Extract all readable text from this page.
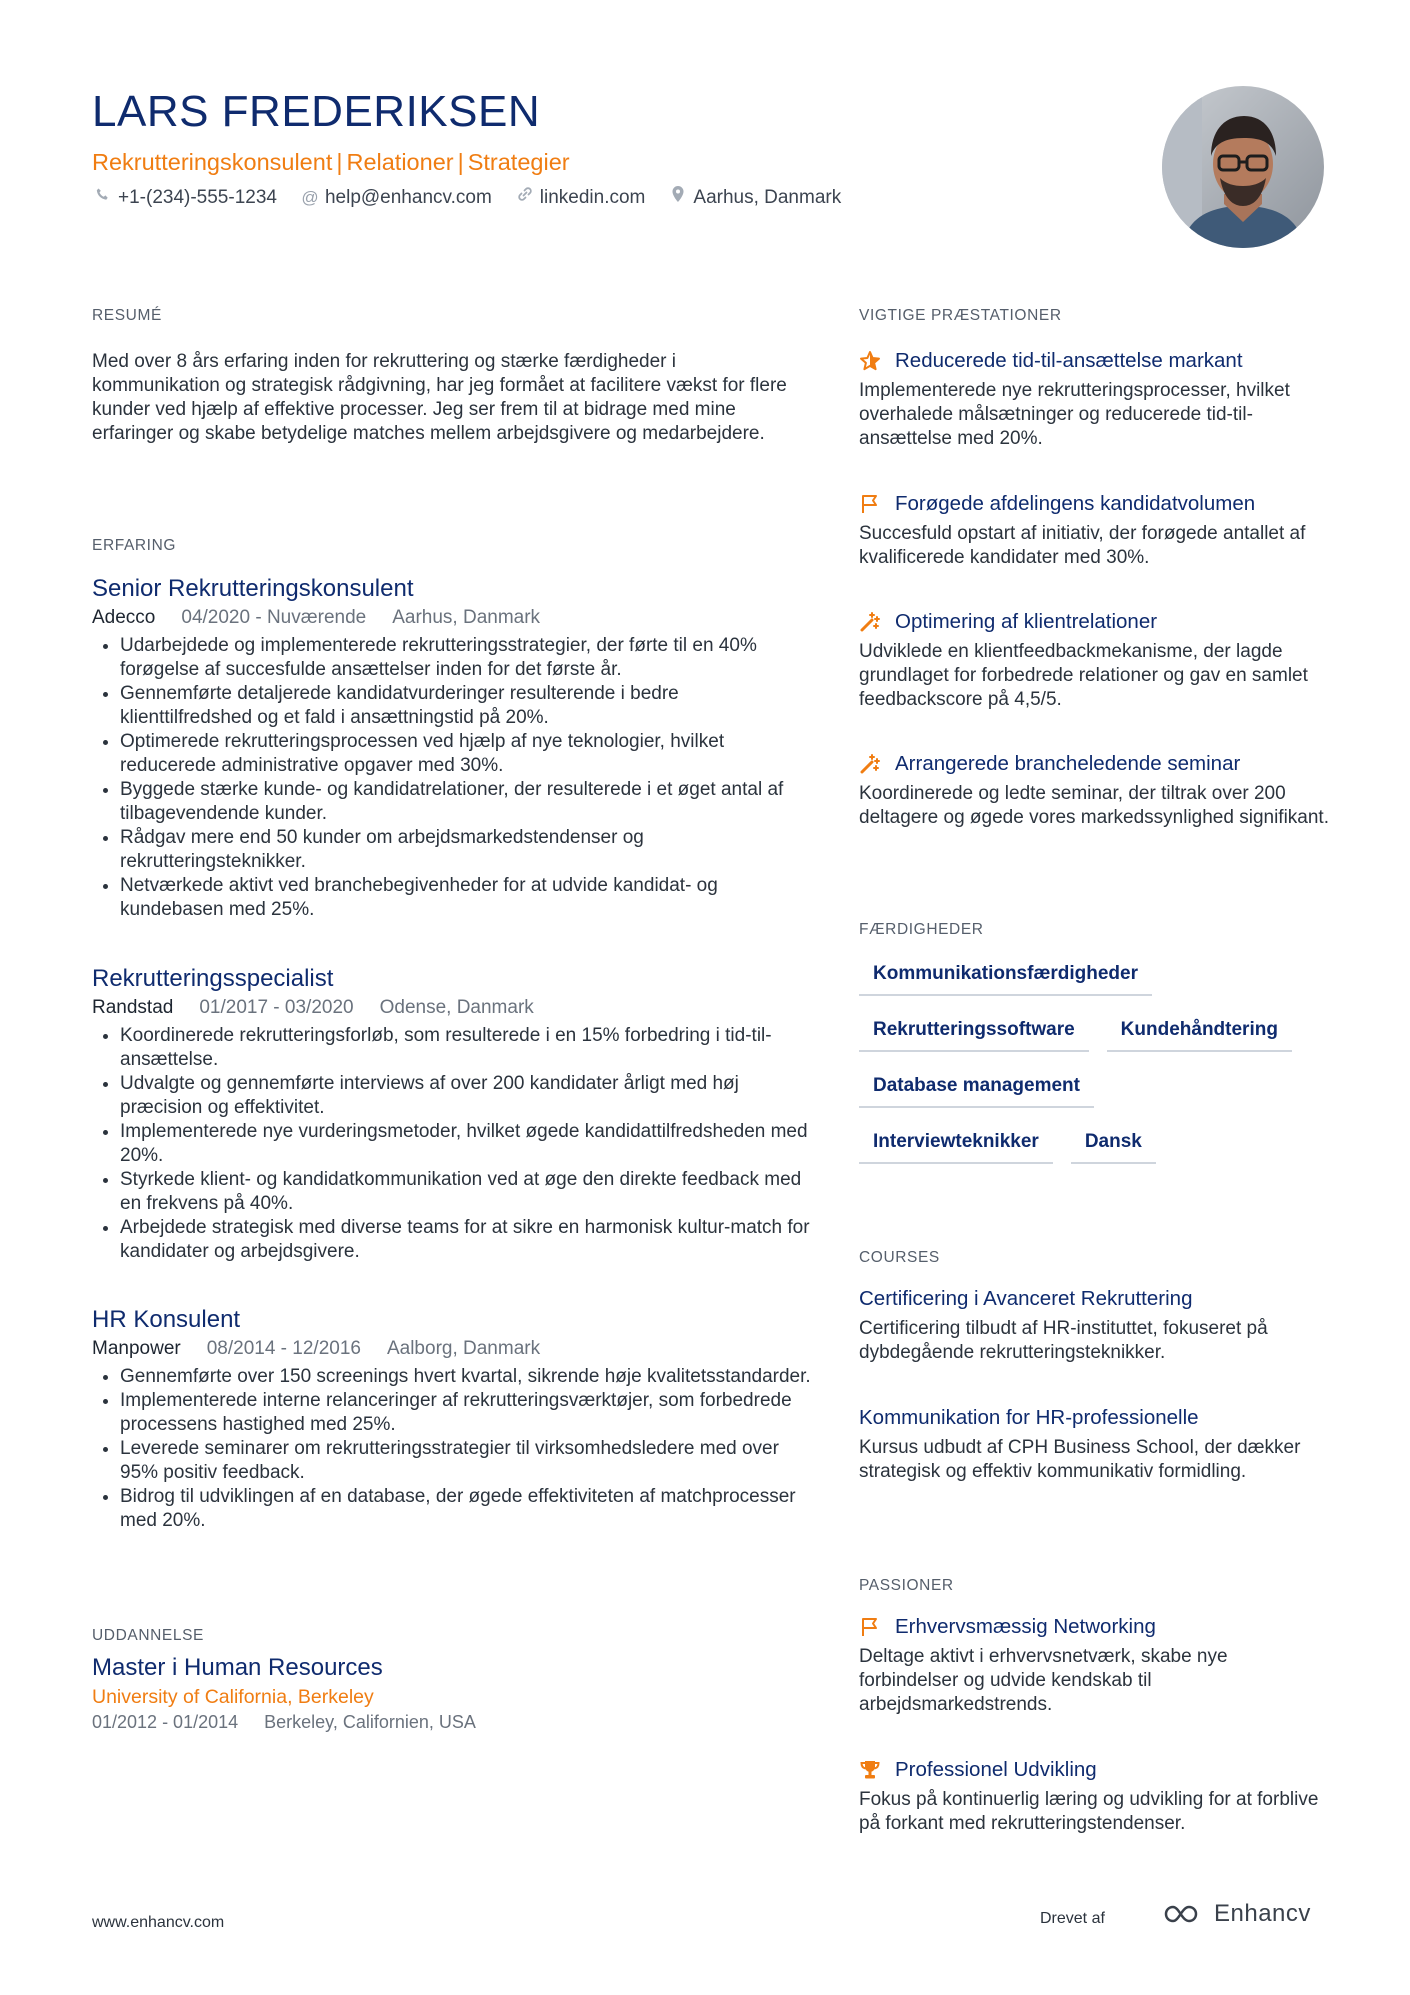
LARS FREDERIKSEN
Rekrutteringskonsulent | Relationer | Strategier
+1-(234)-555-1234 @ help@enhancv.com	linkedin.com	Aarhus, Danmark
RESUMÉ
Med over 8 års erfaring inden for rekruttering og stærke færdigheder i kommunikation og strategisk rådgivning, har jeg formået at facilitere vækst for flere kunder ved hjælp af effektive processer. Jeg ser frem til at bidrage med mine erfaringer og skabe betydelige matches mellem arbejdsgivere og medarbejdere.
ERFARING
Senior Rekrutteringskonsulent
Adecco 04/2020 - Nuværende Aarhus, Danmark
• Udarbejdede og implementerede rekrutteringsstrategier, der førte til en 40% forøgelse af succesfulde ansættelser inden for det første år.
• Gennemførte detaljerede kandidatvurderinger resulterende i bedre klienttilfredshed og et fald i ansættningstid på 20%.
• Optimerede rekrutteringsprocessen ved hjælp af nye teknologier, hvilket reducerede administrative opgaver med 30%.
• Byggede stærke kunde- og kandidatrelationer, der resulterede i et øget antal af tilbagevendende kunder.
• Rådgav mere end 50 kunder om arbejdsmarkedstendenser og rekrutteringsteknikker.
• Netværkede aktivt ved branchebegivenheder for at udvide kandidat- og kundebasen med 25%.
Rekrutteringsspecialist
Randstad 01/2017 - 03/2020 Odense, Danmark
• Koordinerede rekrutteringsforløb, som resulterede i en 15% forbedring i tid-til-ansættelse.
• Udvalgte og gennemførte interviews af over 200 kandidater årligt med høj præcision og effektivitet.
• Implementerede nye vurderingsmetoder, hvilket øgede kandidattilfredsheden med 20%.
• Styrkede klient- og kandidatkommunikation ved at øge den direkte feedback med en frekvens på 40%.
• Arbejdede strategisk med diverse teams for at sikre en harmonisk kultur-match for kandidater og arbejdsgivere.
HR Konsulent
Manpower 08/2014 - 12/2016 Aalborg, Danmark
• Gennemførte over 150 screenings hvert kvartal, sikrende høje kvalitetsstandarder.
• Implementerede interne relanceringer af rekrutteringsværktøjer, som forbedrede processens hastighed med 25%.
• Leverede seminarer om rekrutteringsstrategier til virksomhedsledere med over 95% positiv feedback.
• Bidrog til udviklingen af en database, der øgede effektiviteten af matchprocesser med 20%.
UDDANNELSE
Master i Human Resources
University of California, Berkeley
01/2012 - 01/2014 Berkeley, Californien, USA
VIGTIGE PRÆSTATIONER
Reducerede tid-til-ansættelse markant
Implementerede nye rekrutteringsprocesser, hvilket overhalede målsætninger og reducerede tid-til-ansættelse med 20%.
Forøgede afdelingens kandidatvolumen
Succesfuld opstart af initiativ, der forøgede antallet af kvalificerede kandidater med 30%.
Optimering af klientrelationer
Udviklede en klientfeedbackmekanisme, der lagde grundlaget for forbedrede relationer og gav en samlet feedbackscore på 4,5/5.
Arrangerede brancheledende seminar
Koordinerede og ledte seminar, der tiltrak over 200 deltagere og øgede vores markedssynlighed signifikant.
FÆRDIGHEDER
Kommunikationsfærdigheder
Rekrutteringssoftware	Kundehåndtering
Database management
Interviewteknikker	Dansk
COURSES
Certificering i Avanceret Rekruttering
Certificering tilbudt af HR-instituttet, fokuseret på dybdegående rekrutteringsteknikker.
Kommunikation for HR-professionelle
Kursus udbudt af CPH Business School, der dækker strategisk og effektiv kommunikativ formidling.
PASSIONER
Erhvervsmæssig Networking
Deltage aktivt i erhvervsnetværk, skabe nye forbindelser og udvide kendskab til arbejdsmarkedstrends.
Professionel Udvikling
Fokus på kontinuerlig læring og udvikling for at forblive på forkant med rekrutteringstendenser.
www.enhancv.com	Drevet af	Enhancv
